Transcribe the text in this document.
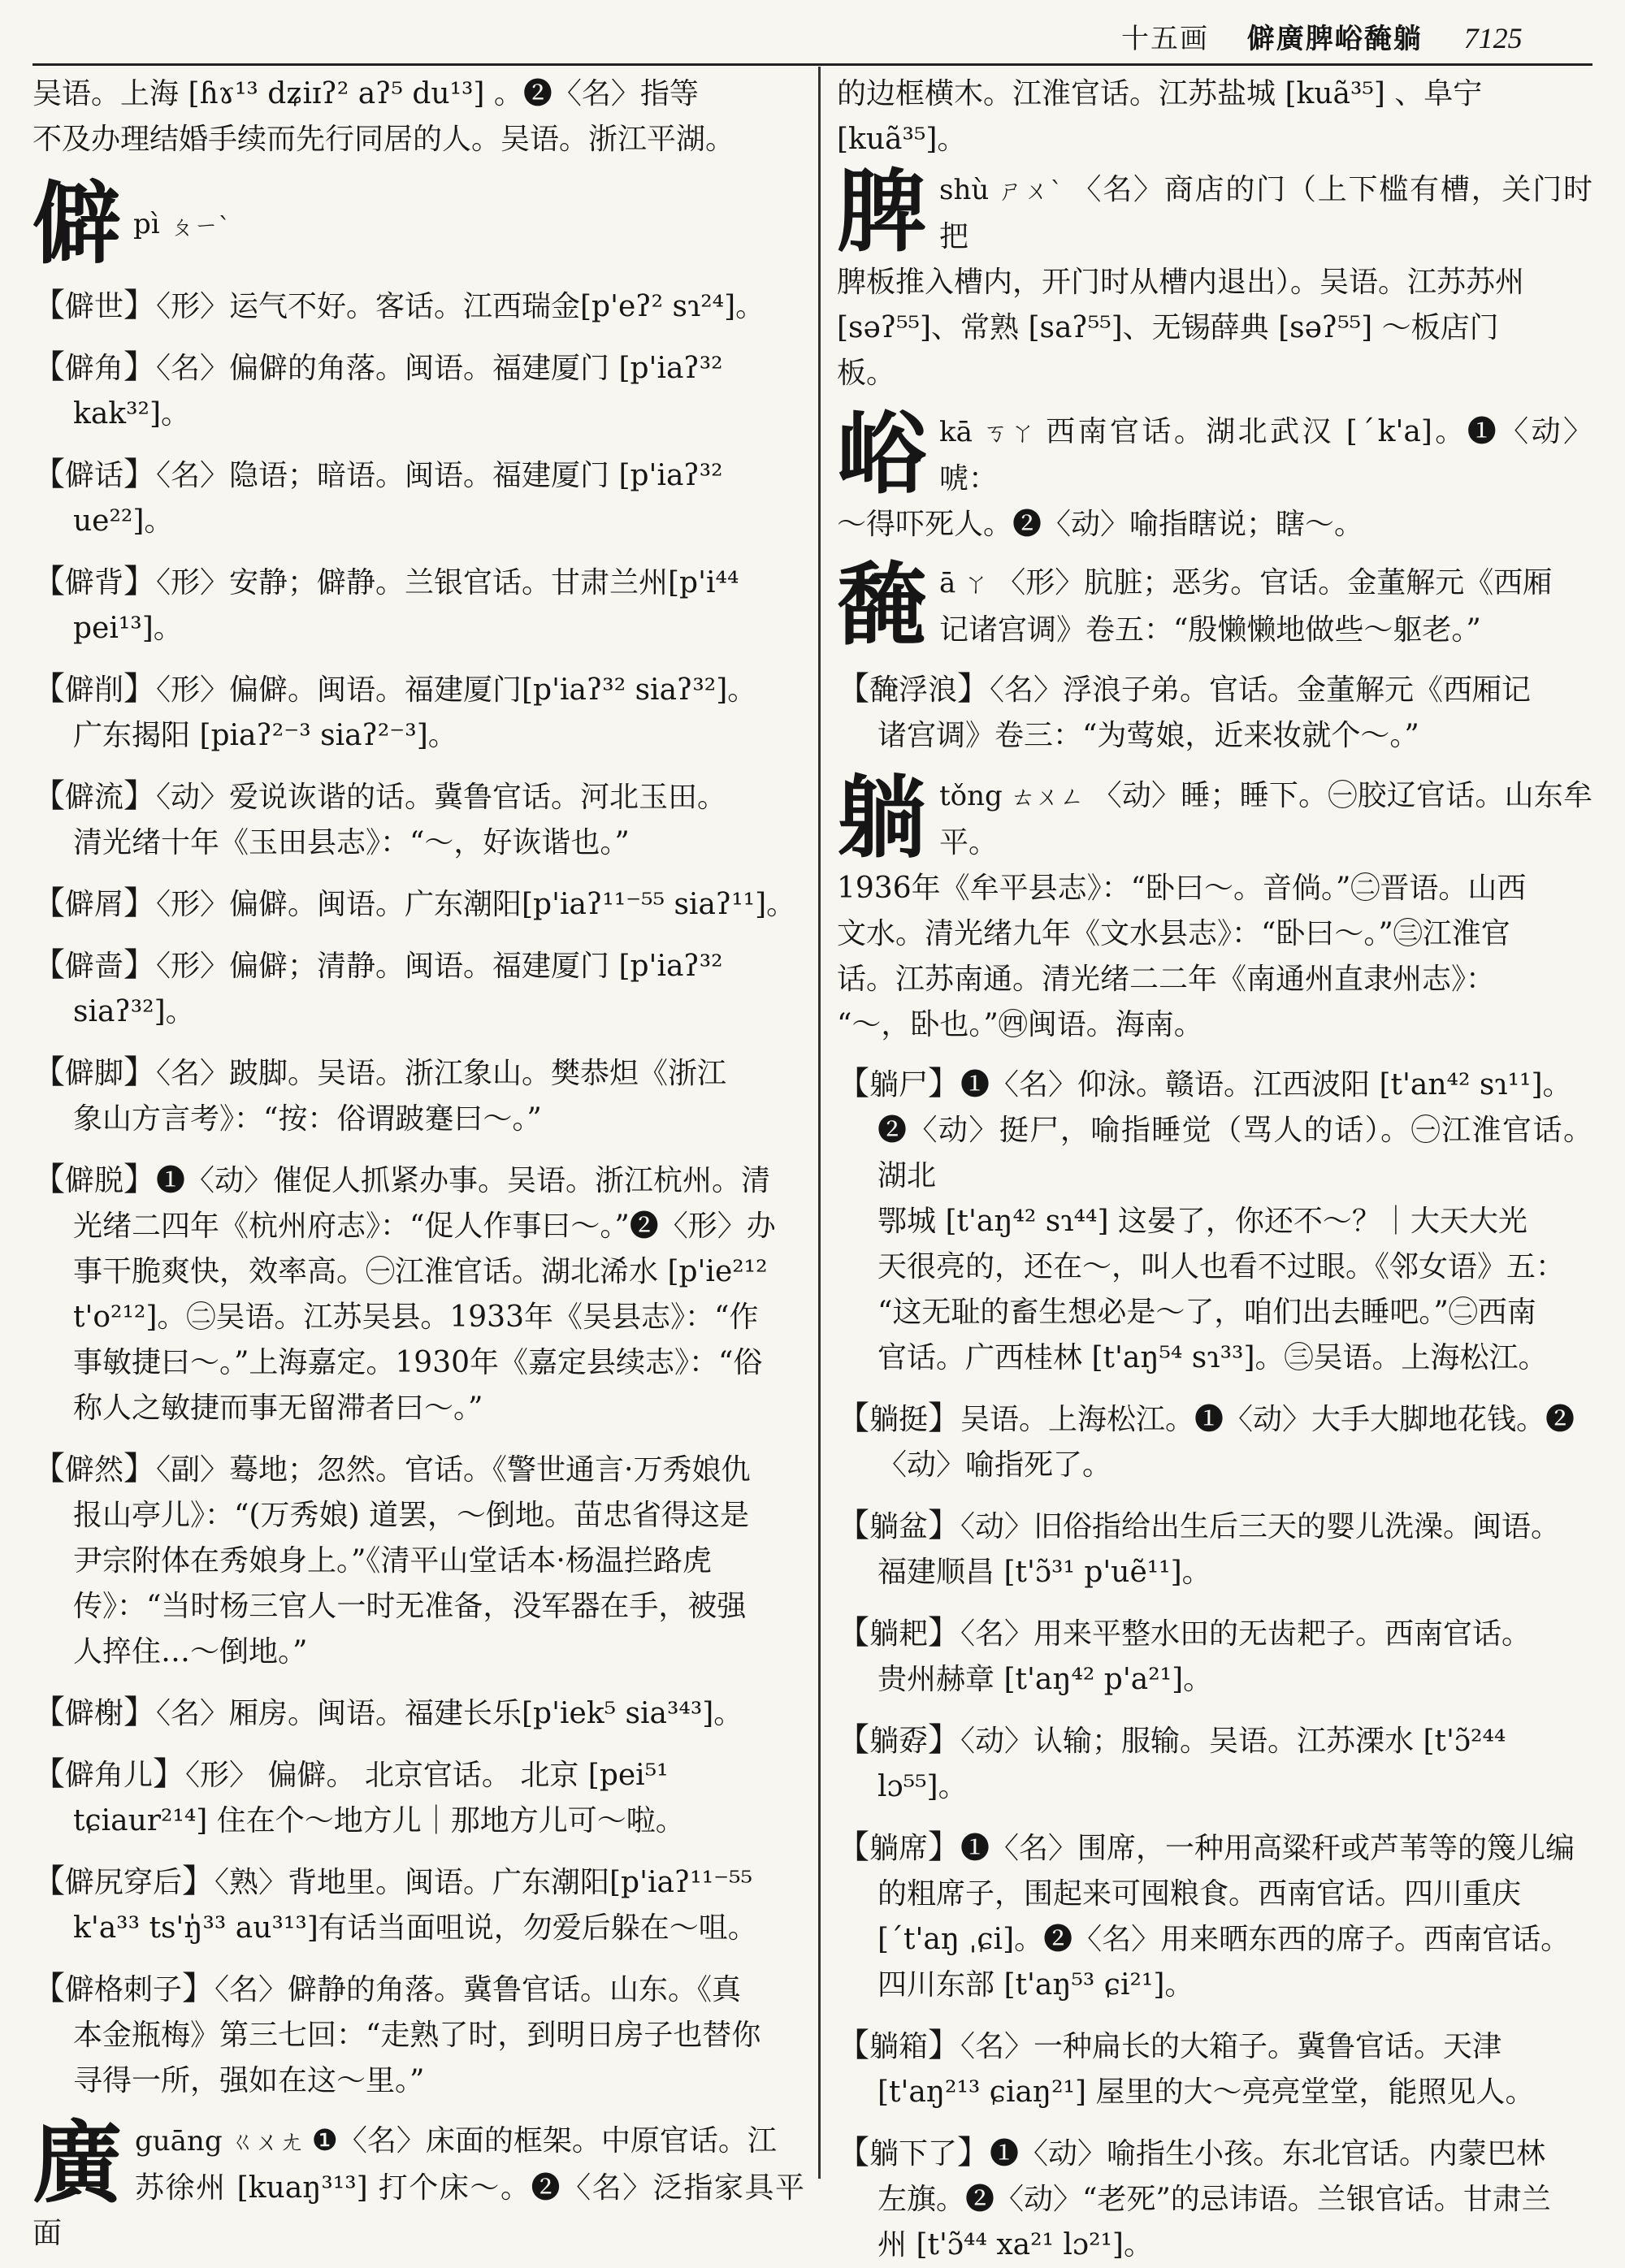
十五画 僻廣脾峪馣躺 7125
吴语。上海 [ɦɤ¹³ dʑiɪʔ² aʔ⁵ du¹³] 。❷〈名〉指等
不及办理结婚手续而先行同居的人。吴语。浙江平湖。
僻pì ㄆㄧˋ
【僻世】〈形〉运气不好。客话。江西瑞金[p'eʔ² sɿ²⁴]。
【僻角】〈名〉偏僻的角落。闽语。福建厦门 [p'iaʔ³²
kak³²]。
【僻话】〈名〉隐语；暗语。闽语。福建厦门 [p'iaʔ³²
ue²²]。
【僻背】〈形〉安静；僻静。兰银官话。甘肃兰州[p'i⁴⁴
pei¹³]。
【僻削】〈形〉偏僻。闽语。福建厦门[p'iaʔ³² siaʔ³²]。
广东揭阳 [piaʔ²⁻³ siaʔ²⁻³]。
【僻流】〈动〉爱说诙谐的话。冀鲁官话。河北玉田。
清光绪十年《玉田县志》：“～，好诙谐也。”
【僻屑】〈形〉偏僻。闽语。广东潮阳[p'iaʔ¹¹⁻⁵⁵ siaʔ¹¹]。
【僻啬】〈形〉偏僻；清静。闽语。福建厦门 [p'iaʔ³²
siaʔ³²]。
【僻脚】〈名〉跛脚。吴语。浙江象山。樊恭炟《浙江
象山方言考》：“按：俗谓跛蹇曰～。”
【僻脱】❶〈动〉催促人抓紧办事。吴语。浙江杭州。清
光绪二四年《杭州府志》：“促人作事曰～。”❷〈形〉办
事干脆爽快，效率高。㊀江淮官话。湖北浠水 [p'ie²¹²
t'o²¹²]。㊁吴语。江苏吴县。1933年《吴县志》：“作
事敏捷曰～。”上海嘉定。1930年《嘉定县续志》：“俗
称人之敏捷而事无留滞者曰～。”
【僻然】〈副〉蓦地；忽然。官话。《警世通言·万秀娘仇
报山亭儿》：“(万秀娘) 道罢，～倒地。苗忠省得这是
尹宗附体在秀娘身上。”《清平山堂话本·杨温拦路虎
传》：“当时杨三官人一时无准备，没军器在手，被强
人捽住…～倒地。”
【僻榭】〈名〉厢房。闽语。福建长乐[p'iek⁵ sia³⁴³]。
【僻角儿】〈形〉 偏僻。 北京官话。 北京 [pei⁵¹
tɕiaur²¹⁴] 住在个～地方儿｜那地方儿可～啦。
【僻尻穿后】〈熟〉背地里。闽语。广东潮阳[p'iaʔ¹¹⁻⁵⁵
k'a³³ ts'ŋ̍³³ au³¹³]有话当面咀说，勿爱后躲在～咀。
【僻格刺子】〈名〉僻静的角落。冀鲁官话。山东。《真
本金瓶梅》第三七回：“走熟了时，到明日房子也替你
寻得一所，强如在这～里。”
廣 guāng ㄍㄨㄤ ❶〈名〉床面的框架。中原官话。江
苏徐州 [kuaŋ³¹³] 打个床～。❷〈名〉泛指家具平面
的边框横木。江淮官话。江苏盐城 [kuã³⁵] 、阜宁
[kuã³⁵]。
脾 shù ㄕㄨˋ 〈名〉商店的门（上下槛有槽，关门时把
脾板推入槽内，开门时从槽内退出）。吴语。江苏苏州
[səʔ⁵⁵]、常熟 [saʔ⁵⁵]、无锡薛典 [səʔ⁵⁵] ～板店门
板。
峪 kā ㄎㄚ 西南官话。湖北武汉 [ˊk'a]。❶〈动〉唬：
～得吓死人。❷〈动〉喻指瞎说；瞎～。
馣 ā ㄚ 〈形〉肮脏；恶劣。官话。金董解元《西厢
记诸宫调》卷五：“殷懒懒地做些～躯老。”
【馣浮浪】〈名〉浮浪子弟。官话。金董解元《西厢记
诸宫调》卷三：“为莺娘，近来妆就个～。”
躺 tǒng ㄊㄨㄥ 〈动〉睡；睡下。㊀胶辽官话。山东牟平。
1936年《牟平县志》：“卧曰～。音倘。”㊁晋语。山西
文水。清光绪九年《文水县志》：“卧曰～。”㊂江淮官
话。江苏南通。清光绪二二年《南通州直隶州志》：
“～，卧也。”㊃闽语。海南。
【躺尸】❶〈名〉仰泳。赣语。江西波阳 [t'an⁴² sɿ¹¹]。
❷〈动〉挺尸，喻指睡觉（骂人的话）。㊀江淮官话。湖北
鄂城 [t'aŋ⁴² sɿ⁴⁴] 这晏了，你还不～？｜大天大光
天很亮的，还在～，叫人也看不过眼。《邻女语》五：
“这无耻的畜生想必是～了，咱们出去睡吧。”㊁西南
官话。广西桂林 [t'aŋ⁵⁴ sɿ³³]。㊂吴语。上海松江。
【躺挺】吴语。上海松江。❶〈动〉大手大脚地花钱。❷
〈动〉喻指死了。
【躺盆】〈动〉旧俗指给出生后三天的婴儿洗澡。闽语。
福建顺昌 [t'ɔ̃³¹ p'uẽ¹¹]。
【躺耙】〈名〉用来平整水田的无齿耙子。西南官话。
贵州赫章 [t'aŋ⁴² p'a²¹]。
【躺孬】〈动〉认输；服输。吴语。江苏溧水 [t'ɔ̃²⁴⁴
lɔ⁵⁵]。
【躺席】❶〈名〉围席，一种用高粱秆或芦苇等的篾儿编
的粗席子，围起来可囤粮食。西南官话。四川重庆
[ˊt'aŋ ˌɕi]。❷〈名〉用来晒东西的席子。西南官话。
四川东部 [t'aŋ⁵³ ɕi²¹]。
【躺箱】〈名〉一种扁长的大箱子。冀鲁官话。天津
[t'aŋ²¹³ ɕiaŋ²¹] 屋里的大～亮亮堂堂，能照见人。
【躺下了】❶〈动〉喻指生小孩。东北官话。内蒙巴林
左旗。❷〈动〉“老死”的忌讳语。兰银官话。甘肃兰
州 [t'ɔ̃⁴⁴ xa²¹ lɔ²¹]。
